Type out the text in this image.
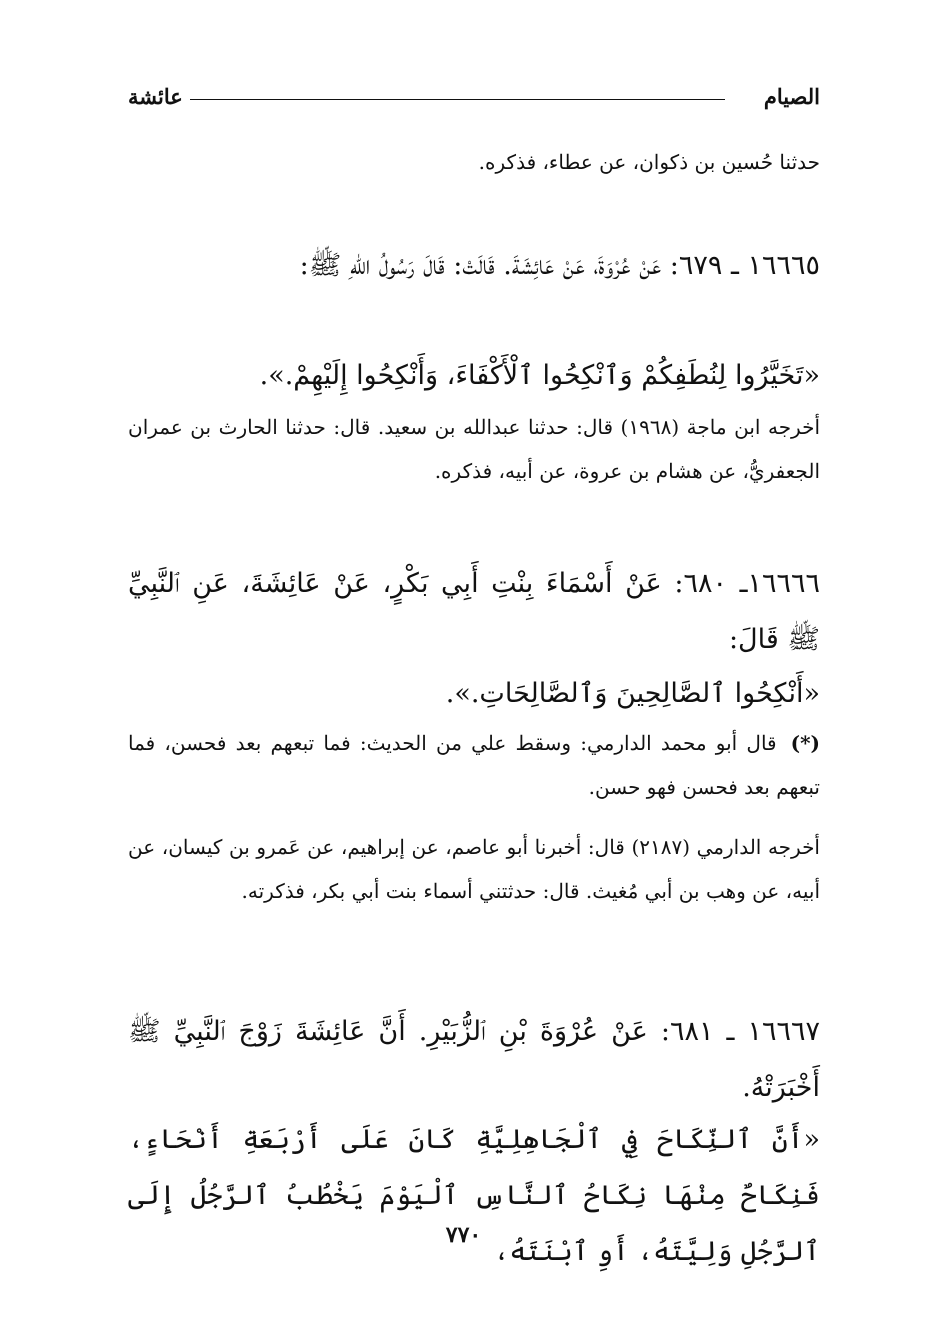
الصيام
عائشة
حدثنا حُسين بن ذكوان، عن عطاء، فذكره.
١٦٦٦٥ ـ ٦٧٩: عَنْ عُرْوَةَ، عَنْ عَائِشَةَ. قَالَتْ: قَالَ رَسُولُ اللهِ ﷺ:
«تَخَيَّرُوا لِنُطَفِكُمْ وَٱنْكِحُوا ٱلْأَكْفَاءَ، وَأَنْكِحُوا إِلَيْهِمْ.».
أخرجه ابن ماجة (١٩٦٨) قال: حدثنا عبدالله بن سعيد. قال: حدثنا الحارث بن عمران الجعفريُّ، عن هشام بن عروة، عن أبيه، فذكره.
١٦٦٦٦ـ ٦٨٠: عَنْ أَسْمَاءَ بِنْتِ أَبِي بَكْرٍ، عَنْ عَائِشَةَ، عَنِ ٱلنَّبِيِّ ﷺ قَالَ:
«أَنْكِحُوا ٱلصَّالِحِينَ وَٱلصَّالِحَاتِ.».
(*)قال أبو محمد الدارمي: وسقط علي من الحديث: فما تبعهم بعد فحسن، فما تبعهم بعد فحسن فهو حسن.
أخرجه الدارمي (٢١٨٧) قال: أخبرنا أبو عاصم، عن إبراهيم، عن عَمرو بن كيسان، عن أبيه، عن وهب بن أبي مُغيث. قال: حدثتني أسماء بنت أبي بكر، فذكرته.
١٦٦٦٧ ـ ٦٨١: عَنْ عُرْوَةَ بْنِ ٱلزُّبَيْرِ. أَنَّ عَائِشَةَ زَوْجَ ٱلنَّبِيِّ ﷺ أَخْبَرَتْهُ.
«أَنَّ ٱلنِّكَاحَ فِي ٱلْجَاهِلِيَّةِ كَانَ عَلَى أَرْبَعَةِ أَنْحَاءٍ، فَنِكَاحٌ مِنْهَا نِكَاحُ ٱلنَّاسِ ٱلْيَوْمَ يَخْطُبُ ٱلرَّجُلُ إِلَى ٱلرَّجُلِ وَلِيَّتَهُ، أَوِ ٱبْنَتَهُ،
٧٧٠
